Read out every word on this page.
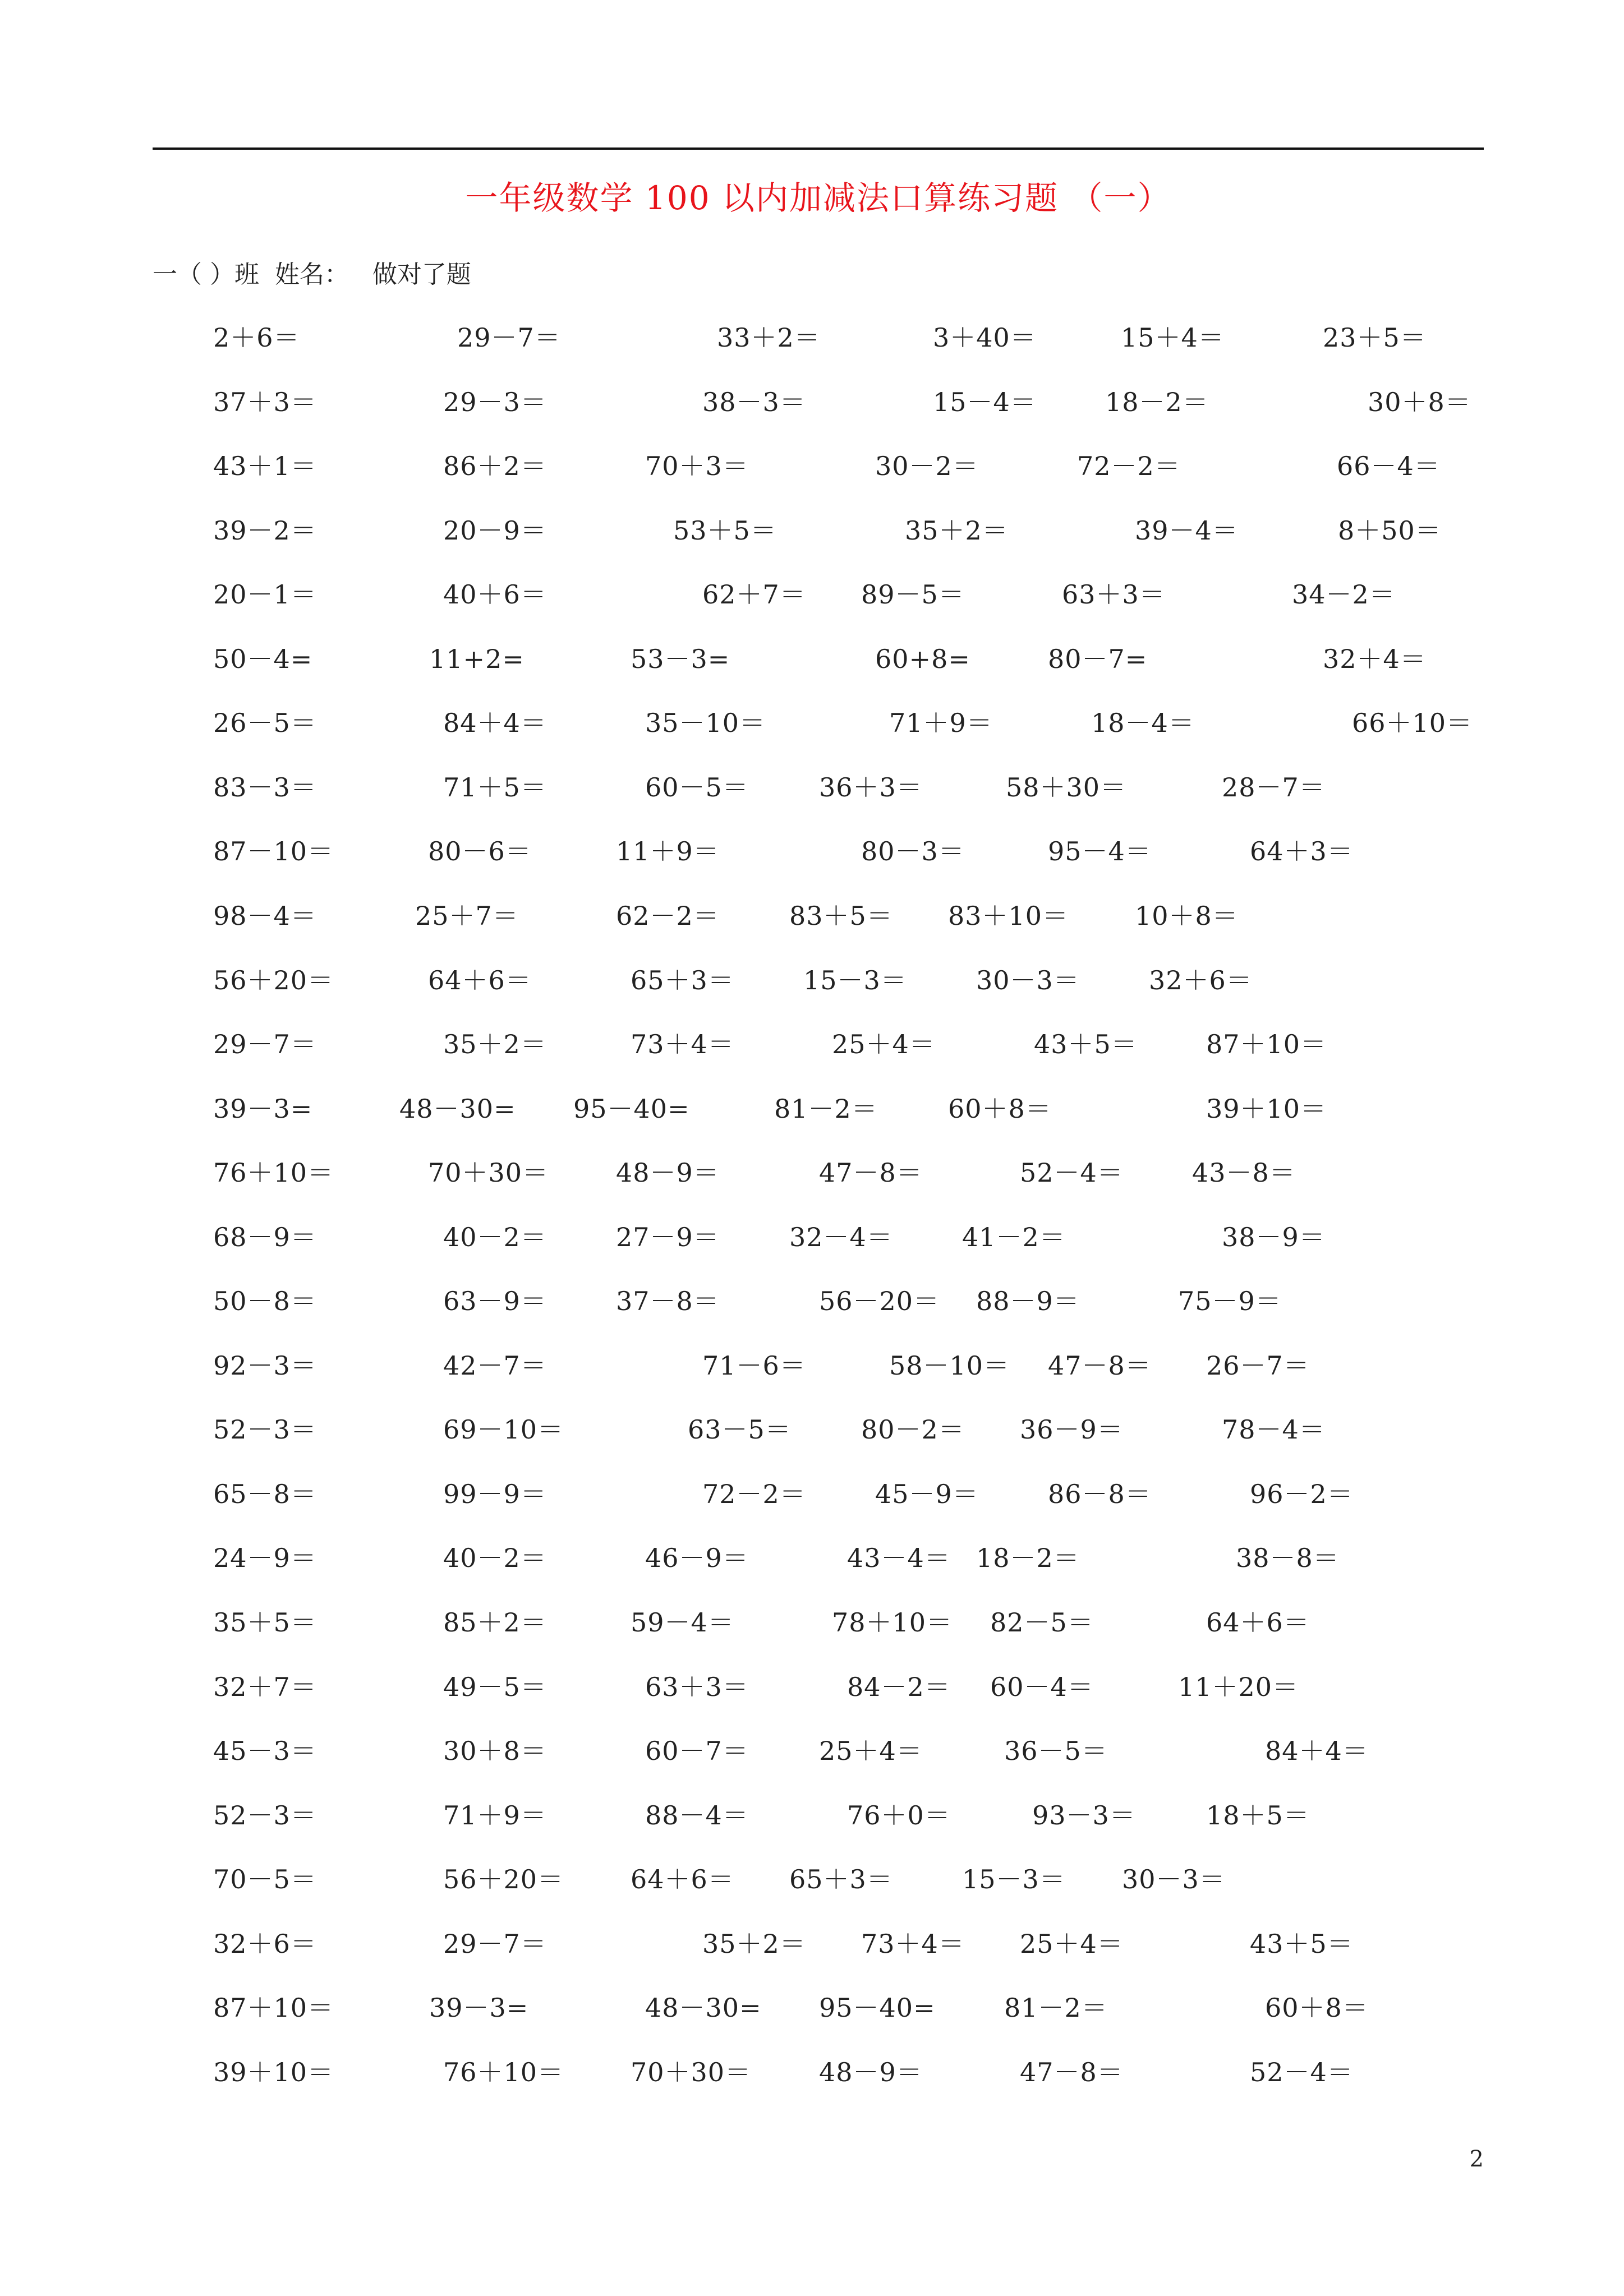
一年级数学 100 以内加减法口算练习题 （一）
一（ ）班  姓名：   做对了题
2＋6＝	29－7＝	33＋2＝	3＋40＝	15＋4＝	23＋5＝
37＋3＝	29－3＝	38－3＝	15－4＝	18－2＝	30＋8＝
43＋1＝	86＋2＝	70＋3＝	30－2＝	72－2＝	66－4＝
39－2＝	20－9＝	53＋5＝	35＋2＝	39－4＝	8＋50＝
20－1＝	40＋6＝	62＋7＝ 89－5＝	63＋3＝	34－2＝
50－4=	11+2=	53－3=	60+8=	80－7=	32＋4＝
26－5＝	84＋4＝	35－10＝	71＋9＝	18－4＝	66＋10＝
83－3＝	71＋5＝	60－5＝	36＋3＝	58＋30＝	28－7＝
87－10＝	80－6＝	11＋9＝	80－3＝	95－4＝	64＋3＝
98－4＝	25＋7＝	62－2＝	83＋5＝ 83＋10＝	10＋8＝
56＋20＝	64＋6＝	65＋3＝	15－3＝	30－3＝	32＋6＝
29－7＝	35＋2＝	73＋4＝	25＋4＝	43＋5＝	87＋10＝
39－3=	48－30= 95－40=	81－2＝	60＋8＝	39＋10＝
76＋10＝	70＋30＝	48－9＝	47－8＝	52－4＝	43－8＝
68－9＝	40－2＝	27－9＝	32－4＝	41－2＝	38－9＝
50－8＝	63－9＝	37－8＝	56－20＝ 88－9＝	75－9＝
92－3＝	42－7＝	71－6＝	58－10＝ 47－8＝ 26－7＝
52－3＝	69－10＝	63－5＝	80－2＝ 36－9＝	78－4＝
65－8＝	99－9＝	72－2＝	45－9＝	86－8＝	96－2＝
24－9＝	40－2＝	46－9＝	43－4＝ 18－2＝	38－8＝
35＋5＝	85＋2＝	59－4＝	78＋10＝ 82－5＝	64＋6＝
32＋7＝	49－5＝	63＋3＝	84－2＝ 60－4＝	11＋20＝
45－3＝	30＋8＝	60－7＝	25＋4＝	36－5＝	84＋4＝
52－3＝	71＋9＝	88－4＝	76＋0＝	93－3＝	18＋5＝
70－5＝	56＋20＝	64＋6＝ 65＋3＝	15－3＝ 30－3＝
32＋6＝	29－7＝	35＋2＝ 73＋4＝ 25＋4＝	43＋5＝
87＋10＝	39－3=	48－30= 95－40=	81－2＝	60＋8＝
39＋10＝	76＋10＝	70＋30＝	48－9＝	47－8＝	52－4＝
2
